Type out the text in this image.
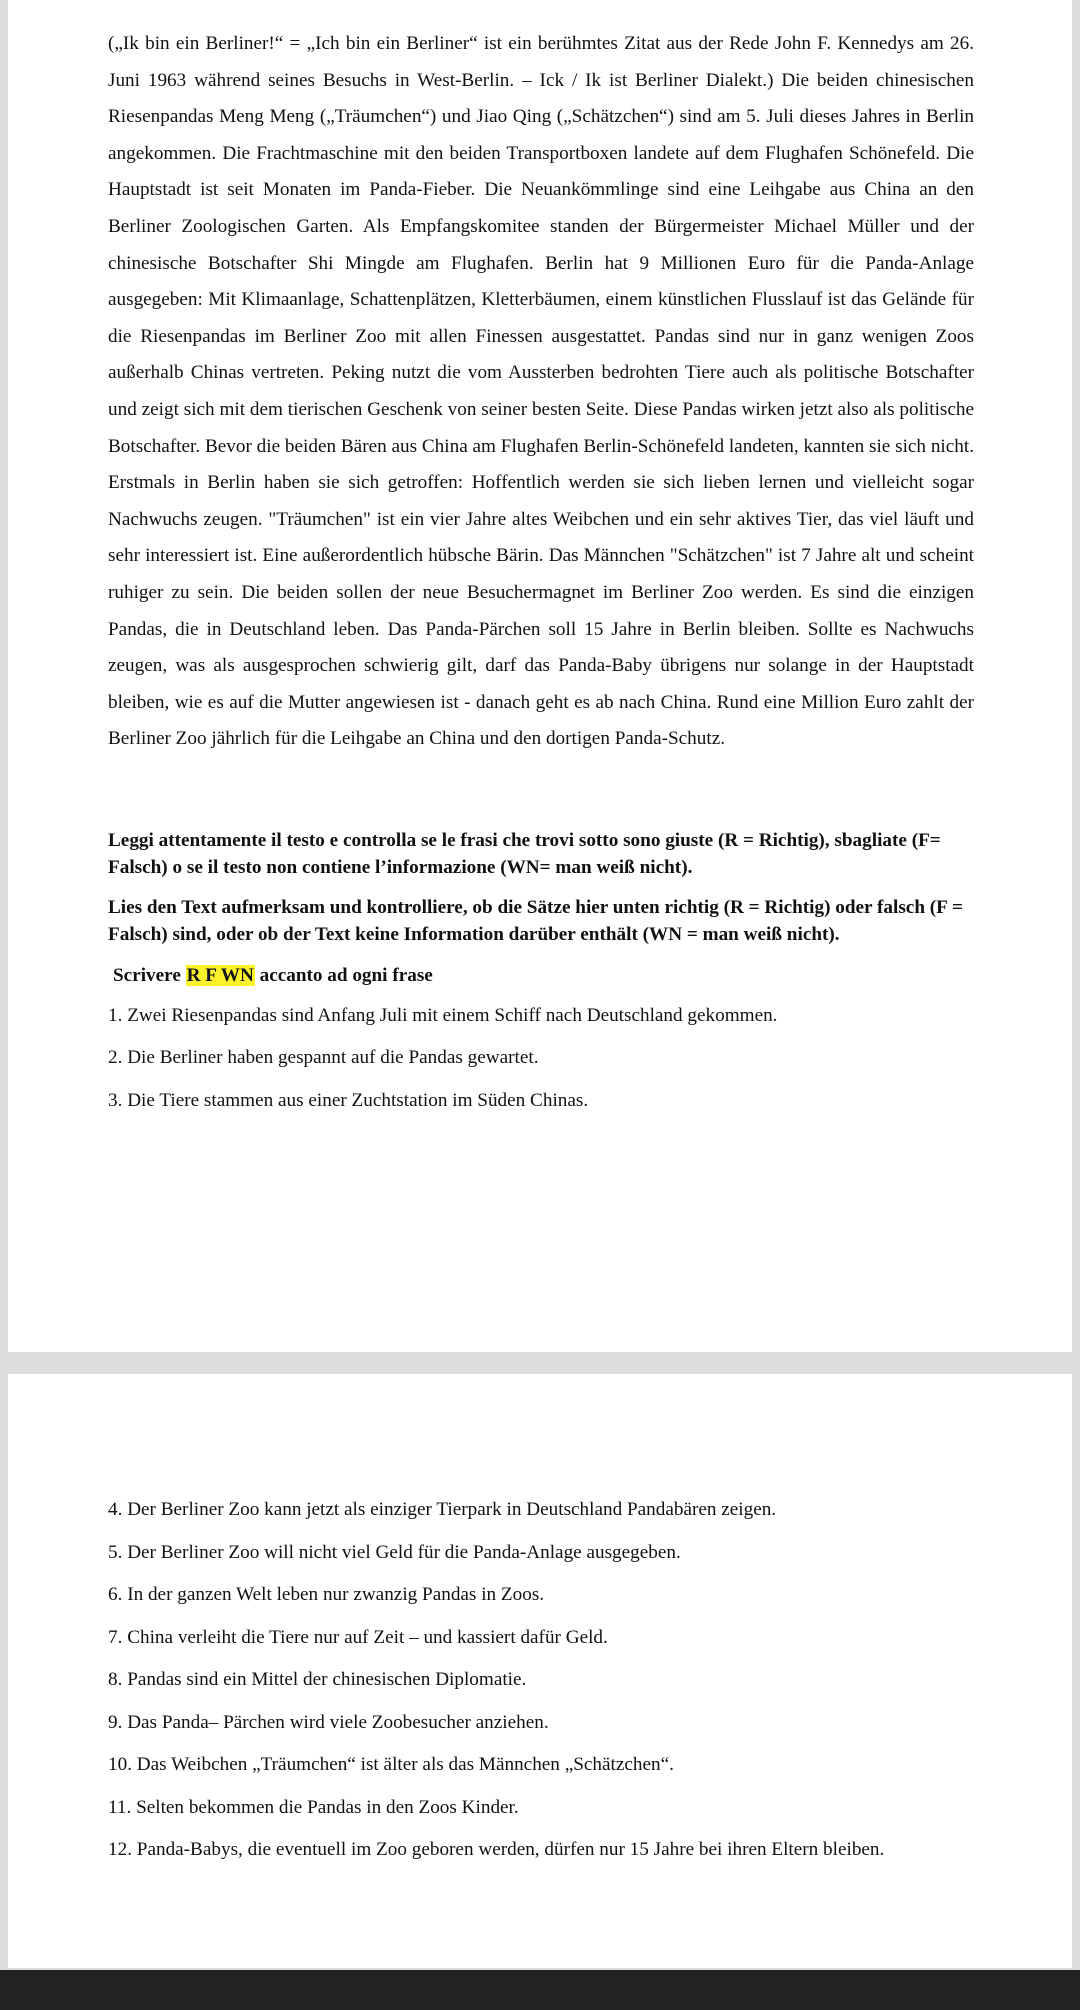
(„Ik bin ein Berliner!“ = „Ich bin ein Berliner“ ist ein berühmtes Zitat aus der Rede John F. Kennedys am 26. Juni 1963 während seines Besuchs in West-Berlin. – Ick / Ik ist Berliner Dialekt.) Die beiden chinesischen Riesenpandas Meng Meng („Träumchen“) und Jiao Qing („Schätzchen“) sind am 5. Juli dieses Jahres in Berlin angekommen. Die Frachtmaschine mit den beiden Transportboxen landete auf dem Flughafen Schönefeld. Die Hauptstadt ist seit Monaten im Panda-Fieber. Die Neuankömmlinge sind eine Leihgabe aus China an den Berliner Zoologischen Garten. Als Empfangskomitee standen der Bürgermeister Michael Müller und der chinesische Botschafter Shi Mingde am Flughafen. Berlin hat 9 Millionen Euro für die Panda-Anlage ausgegeben: Mit Klimaanlage, Schattenplätzen, Kletterbäumen, einem künstlichen Flusslauf ist das Gelände für die Riesenpandas im Berliner Zoo mit allen Finessen ausgestattet. Pandas sind nur in ganz wenigen Zoos außerhalb Chinas vertreten. Peking nutzt die vom Aussterben bedrohten Tiere auch als politische Botschafter und zeigt sich mit dem tierischen Geschenk von seiner besten Seite. Diese Pandas wirken jetzt also als politische Botschafter. Bevor die beiden Bären aus China am Flughafen Berlin-Schönefeld landeten, kannten sie sich nicht. Erstmals in Berlin haben sie sich getroffen: Hoffentlich werden sie sich lieben lernen und vielleicht sogar Nachwuchs zeugen. "Träumchen" ist ein vier Jahre altes Weibchen und ein sehr aktives Tier, das viel läuft und sehr interessiert ist. Eine außerordentlich hübsche Bärin. Das Männchen "Schätzchen" ist 7 Jahre alt und scheint ruhiger zu sein. Die beiden sollen der neue Besuchermagnet im Berliner Zoo werden. Es sind die einzigen Pandas, die in Deutschland leben. Das Panda-Pärchen soll 15 Jahre in Berlin bleiben. Sollte es Nachwuchs zeugen, was als ausgesprochen schwierig gilt, darf das Panda-Baby übrigens nur solange in der Hauptstadt bleiben, wie es auf die Mutter angewiesen ist - danach geht es ab nach China. Rund eine Million Euro zahlt der Berliner Zoo jährlich für die Leihgabe an China und den dortigen Panda-Schutz.

Leggi attentamente il testo e controlla se le frasi che trovi sotto sono giuste (R = Richtig), sbagliate (F= Falsch) o se il testo non contiene l’informazione (WN= man weiß nicht).

Lies den Text aufmerksam und kontrolliere, ob die Sätze hier unten richtig (R = Richtig) oder falsch (F = Falsch) sind, oder ob der Text keine Information darüber enthält (WN = man weiß nicht).

Scrivere R F WN accanto ad ogni frase

1. Zwei Riesenpandas sind Anfang Juli mit einem Schiff nach Deutschland gekommen.
2. Die Berliner haben gespannt auf die Pandas gewartet.
3. Die Tiere stammen aus einer Zuchtstation im Süden Chinas.
4. Der Berliner Zoo kann jetzt als einziger Tierpark in Deutschland Pandabären zeigen.
5. Der Berliner Zoo will nicht viel Geld für die Panda-Anlage ausgegeben.
6. In der ganzen Welt leben nur zwanzig Pandas in Zoos.
7. China verleiht die Tiere nur auf Zeit – und kassiert dafür Geld.
8. Pandas sind ein Mittel der chinesischen Diplomatie.
9. Das Panda– Pärchen wird viele Zoobesucher anziehen.
10. Das Weibchen „Träumchen“ ist älter als das Männchen „Schätzchen“.
11. Selten bekommen die Pandas in den Zoos Kinder.
12. Panda-Babys, die eventuell im Zoo geboren werden, dürfen nur 15 Jahre bei ihren Eltern bleiben.
